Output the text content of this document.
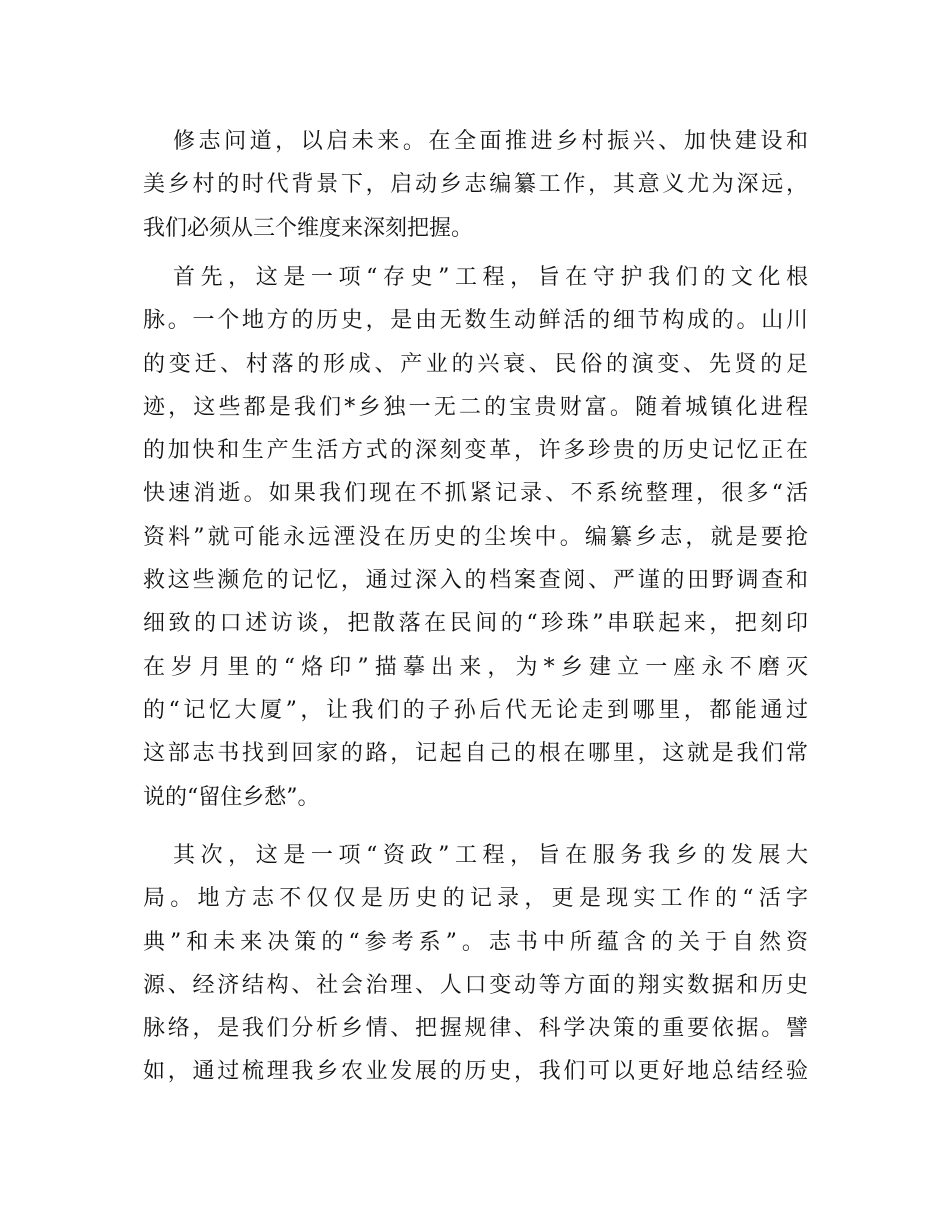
修志问道，以启未来。在全面推进乡村振兴、加快建设和
美乡村的时代背景下，启动乡志编纂工作，其意义尤为深远，
我们必须从三个维度来深刻把握。
首先，这是一项“存史”工程，旨在守护我们的文化根
脉。一个地方的历史，是由无数生动鲜活的细节构成的。山川
的变迁、村落的形成、产业的兴衰、民俗的演变、先贤的足
迹，这些都是我们*乡独一无二的宝贵财富。随着城镇化进程
的加快和生产生活方式的深刻变革，许多珍贵的历史记忆正在
快速消逝。如果我们现在不抓紧记录、不系统整理，很多“活
资料”就可能永远湮没在历史的尘埃中。编纂乡志，就是要抢
救这些濒危的记忆，通过深入的档案查阅、严谨的田野调查和
细致的口述访谈，把散落在民间的“珍珠”串联起来，把刻印
在岁月里的“烙印”描摹出来，为*乡建立一座永不磨灭
的“记忆大厦”，让我们的子孙后代无论走到哪里，都能通过
这部志书找到回家的路，记起自己的根在哪里，这就是我们常
说的“留住乡愁”。
其次，这是一项“资政”工程，旨在服务我乡的发展大
局。地方志不仅仅是历史的记录，更是现实工作的“活字
典”和未来决策的“参考系”。志书中所蕴含的关于自然资
源、经济结构、社会治理、人口变动等方面的翔实数据和历史
脉络，是我们分析乡情、把握规律、科学决策的重要依据。譬
如，通过梳理我乡农业发展的历史，我们可以更好地总结经验
